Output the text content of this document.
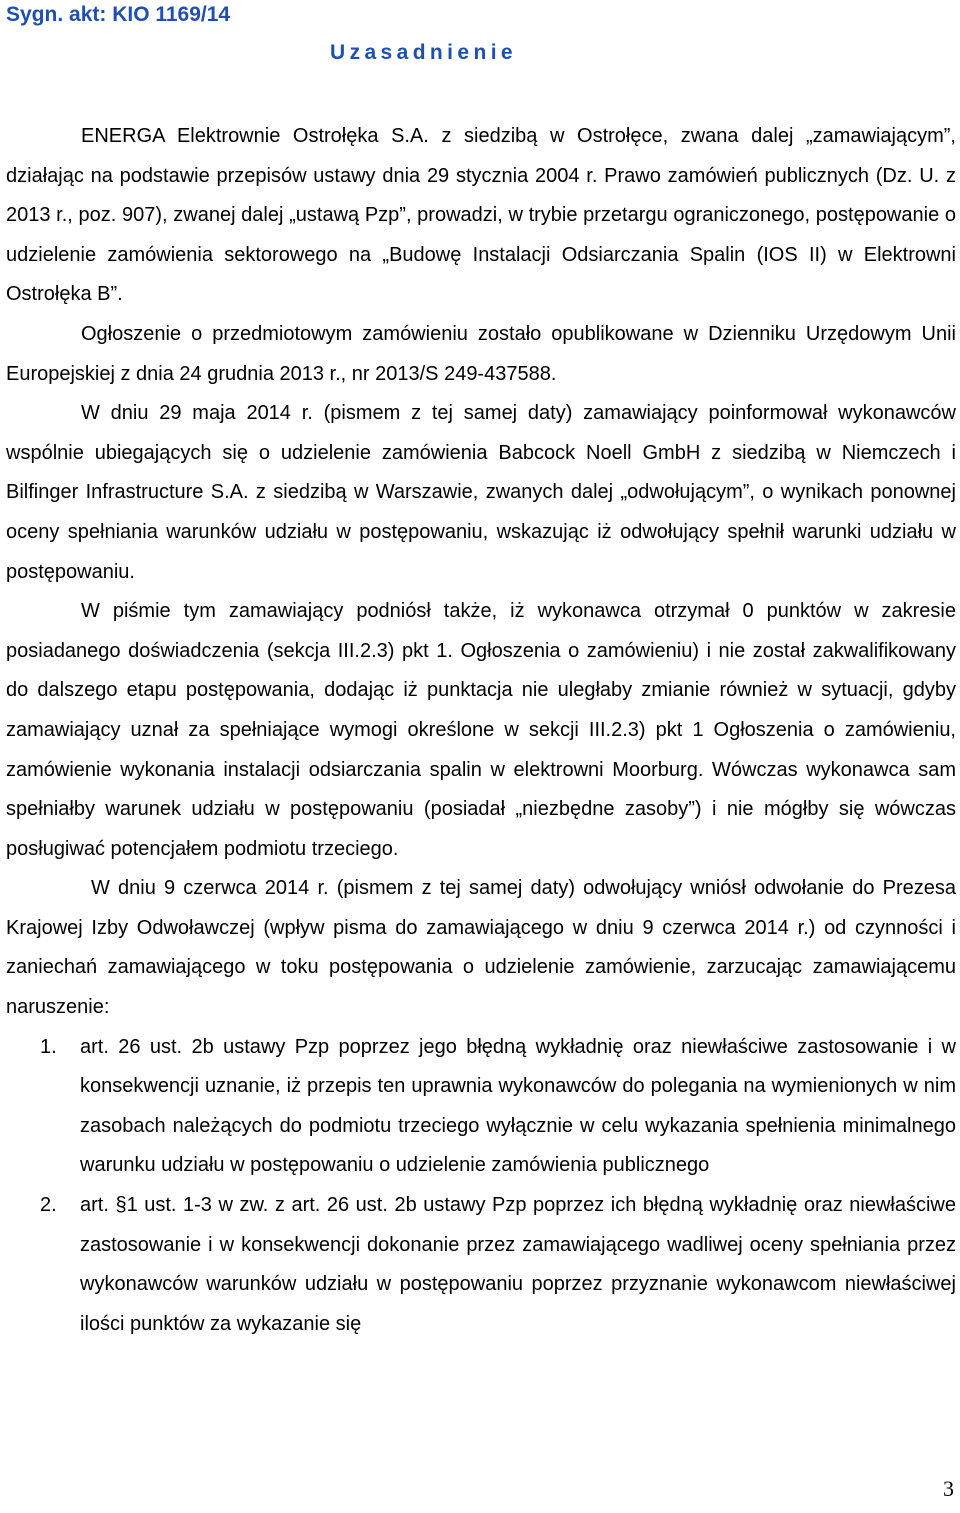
Sygn. akt: KIO 1169/14
Uzasadnienie

ENERGA Elektrownie Ostrołęka S.A. z siedzibą w Ostrołęce, zwana dalej „zamawiającym”, działając na podstawie przepisów ustawy dnia 29 stycznia 2004 r. Prawo zamówień publicznych (Dz. U. z 2013 r., poz. 907), zwanej dalej „ustawą Pzp”, prowadzi, w trybie przetargu ograniczonego, postępowanie o udzielenie zamówienia sektorowego na „Budowę Instalacji Odsiarczania Spalin (IOS II) w Elektrowni Ostrołęka B”.

Ogłoszenie o przedmiotowym zamówieniu zostało opublikowane w Dzienniku Urzędowym Unii Europejskiej z dnia 24 grudnia 2013 r., nr 2013/S 249-437588.

W dniu 29 maja 2014 r. (pismem z tej samej daty) zamawiający poinformował wykonawców wspólnie ubiegających się o udzielenie zamówienia Babcock Noell GmbH z siedzibą w Niemczech i Bilfinger Infrastructure S.A. z siedzibą w Warszawie, zwanych dalej „odwołującym”, o wynikach ponownej oceny spełniania warunków udziału w postępowaniu, wskazując iż odwołujący spełnił warunki udziału w postępowaniu.

W piśmie tym zamawiający podniósł także, iż wykonawca otrzymał 0 punktów w zakresie posiadanego doświadczenia (sekcja III.2.3) pkt 1. Ogłoszenia o zamówieniu) i nie został zakwalifikowany do dalszego etapu postępowania, dodając iż punktacja nie uległaby zmianie również w sytuacji, gdyby zamawiający uznał za spełniające wymogi określone w sekcji III.2.3) pkt 1 Ogłoszenia o zamówieniu, zamówienie wykonania instalacji odsiarczania spalin w elektrowni Moorburg. Wówczas wykonawca sam spełniałby warunek udziału w postępowaniu (posiadał „niezbędne zasoby”) i nie mógłby się wówczas posługiwać potencjałem podmiotu trzeciego.

W dniu 9 czerwca 2014 r. (pismem z tej samej daty) odwołujący wniósł odwołanie do Prezesa Krajowej Izby Odwoławczej (wpływ pisma do zamawiającego w dniu 9 czerwca 2014 r.) od czynności i zaniechań zamawiającego w toku postępowania o udzielenie zamówienie, zarzucając zamawiającemu naruszenie:

1. art. 26 ust. 2b ustawy Pzp poprzez jego błędną wykładnię oraz niewłaściwe zastosowanie i w konsekwencji uznanie, iż przepis ten uprawnia wykonawców do polegania na wymienionych w nim zasobach należących do podmiotu trzeciego wyłącznie w celu wykazania spełnienia minimalnego warunku udziału w postępowaniu o udzielenie zamówienia publicznego
2. art. §1 ust. 1-3 w zw. z art. 26 ust. 2b ustawy Pzp poprzez ich błędną wykładnię oraz niewłaściwe zastosowanie i w konsekwencji dokonanie przez zamawiającego wadliwej oceny spełniania przez wykonawców warunków udziału w postępowaniu poprzez przyznanie wykonawcom niewłaściwej ilości punktów za wykazanie się
3
